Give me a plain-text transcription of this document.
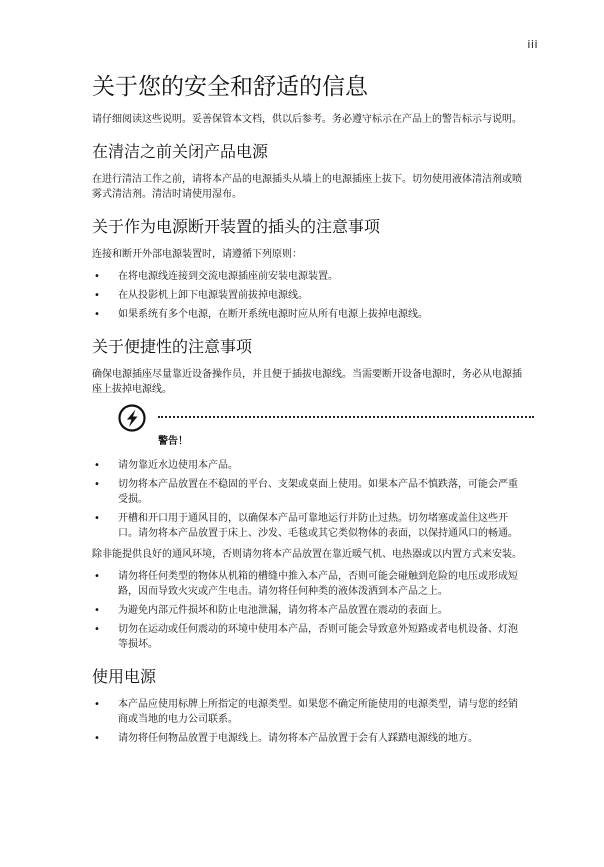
iii
关于您的安全和舒适的信息

请仔细阅读这些说明。妥善保管本文档，供以后参考。务必遵守标示在产品上的警告标示与说明。

在清洁之前关闭产品电源

在进行清洁工作之前，请将本产品的电源插头从墙上的电源插座上拔下。切勿使用液体清洁剂或喷雾式清洁剂。清洁时请使用湿布。

关于作为电源断开装置的插头的注意事项

连接和断开外部电源装置时，请遵循下列原则：

• 在将电源线连接到交流电源插座前安装电源装置。
• 在从投影机上卸下电源装置前拔掉电源线。
• 如果系统有多个电源，在断开系统电源时应从所有电源上拔掉电源线。
关于便捷性的注意事项

确保电源插座尽量靠近设备操作员，并且便于插拔电源线。当需要断开设备电源时，务必从电源插座上拔掉电源线。

警告！
• 请勿靠近水边使用本产品。
• 切勿将本产品放置在不稳固的平台、支架或桌面上使用。如果本产品不慎跌落，可能会严重受损。
• 开槽和开口用于通风目的，以确保本产品可靠地运行并防止过热。切勿堵塞或盖住这些开口。请勿将本产品放置于床上、沙发、毛毯或其它类似物体的表面，以保持通风口的畅通。

除非能提供良好的通风环境，否则请勿将本产品放置在靠近暖气机、电热器或以内置方式来安装。

• 请勿将任何类型的物体从机箱的槽缝中推入本产品，否则可能会碰触到危险的电压或形成短路，因而导致火灾或产生电击。请勿将任何种类的液体泼洒到本产品之上。
• 为避免内部元件损坏和防止电池泄漏，请勿将本产品放置在震动的表面上。
• 切勿在运动或任何震动的环境中使用本产品，否则可能会导致意外短路或者电机设备、灯泡等损坏。
使用电源
• 本产品应使用标牌上所指定的电源类型。如果您不确定所能使用的电源类型，请与您的经销商或当地的电力公司联系。
• 请勿将任何物品放置于电源线上。请勿将本产品放置于会有人踩踏电源线的地方。
